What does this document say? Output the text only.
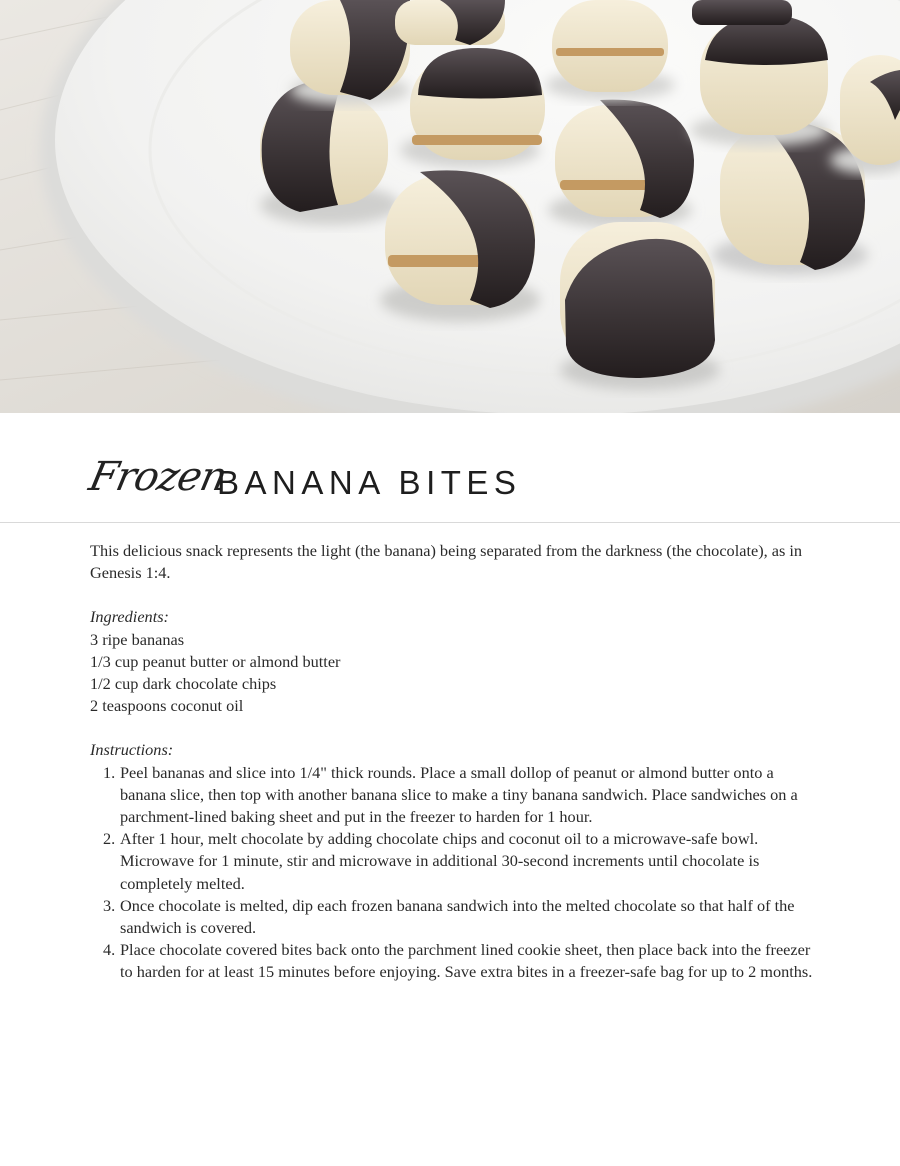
Frozen
BANANA BITES

This delicious snack represents the light (the banana) being separated from the darkness (the chocolate), as in Genesis 1:4.

Ingredients:

3 ripe bananas
1/3 cup peanut butter or almond butter
1/2 cup dark chocolate chips
2 teaspoons coconut oil

Instructions:

1. Peel bananas and slice into 1/4" thick rounds. Place a small dollop of peanut or almond butter onto a banana slice, then top with another banana slice to make a tiny banana sandwich. Place sandwiches on a parchment-lined baking sheet and put in the freezer to harden for 1 hour.
2. After 1 hour, melt chocolate by adding chocolate chips and coconut oil to a microwave-safe bowl. Microwave for 1 minute, stir and microwave in additional 30-second increments until chocolate is completely melted.
3. Once chocolate is melted, dip each frozen banana sandwich into the melted chocolate so that half of the sandwich is covered.
4. Place chocolate covered bites back onto the parchment lined cookie sheet, then place back into the freezer to harden for at least 15 minutes before enjoying. Save extra bites in a freezer-safe bag for up to 2 months.
